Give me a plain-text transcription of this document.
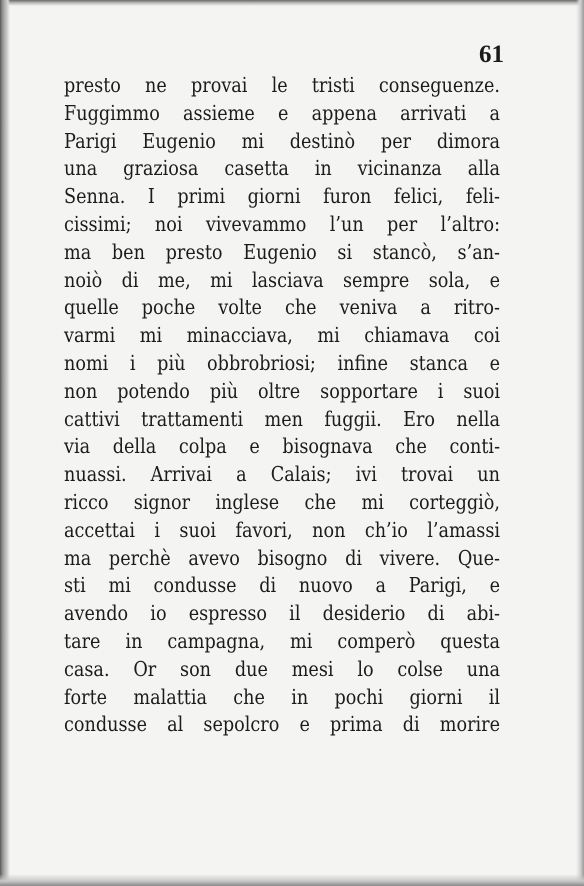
61
presto ne provai le tristi conseguenze.
Fuggimmo assieme e appena arrivati a
Parigi Eugenio mi destinò per dimora
una graziosa casetta in vicinanza alla
Senna. I primi giorni furon felici, feli-
cissimi; noi vivevammo l’un per l’altro:
ma ben presto Eugenio si stancò, s’an-
noiò di me, mi lasciava sempre sola, e
quelle poche volte che veniva a ritro-
varmi mi minacciava, mi chiamava coi
nomi i più obbrobriosi; infine stanca e
non potendo più oltre sopportare i suoi
cattivi trattamenti men fuggii. Ero nella
via della colpa e bisognava che conti-
nuassi. Arrivai a Calais; ivi trovai un
ricco signor inglese che mi corteggiò,
accettai i suoi favori, non ch’io l’amassi
ma perchè avevo bisogno di vivere. Que-
sti mi condusse di nuovo a Parigi, e
avendo io espresso il desiderio di abi-
tare in campagna, mi comperò questa
casa. Or son due mesi lo colse una
forte malattia che in pochi giorni il
condusse al sepolcro e prima di morire
